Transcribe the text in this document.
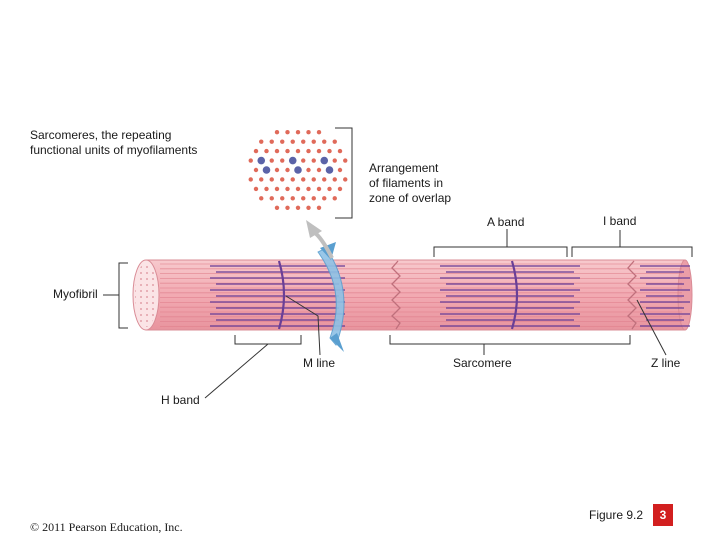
Sarcomeres, the repeating
functional units of myofilaments
Arrangement
of filaments in
zone of overlap
A band	I band
Myofibril
M line	Sarcomere	Z line
H band
© 2011 Pearson Education, Inc.
Figure 9.2	3
